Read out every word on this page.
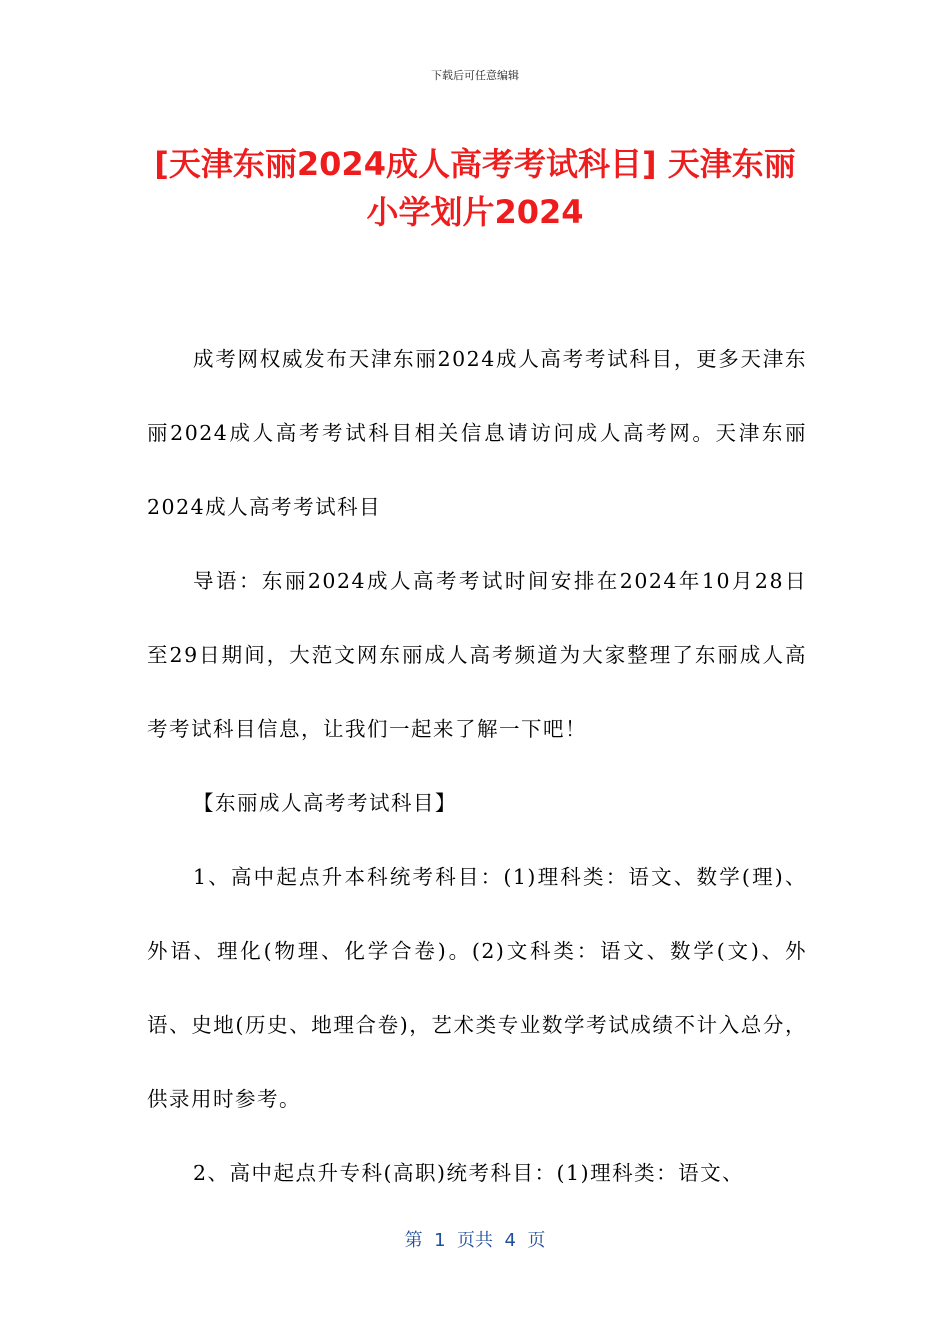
下载后可任意编辑
[天津东丽2024成人高考考试科目] 天津东丽小学划片2024

成考网权威发布天津东丽2024成人高考考试科目，更多天津东丽2024成人高考考试科目相关信息请访问成人高考网。天津东丽2024成人高考考试科目

导语：东丽2024成人高考考试时间安排在2024年10月28日至29日期间，大范文网东丽成人高考频道为大家整理了东丽成人高考考试科目信息，让我们一起来了解一下吧！

【东丽成人高考考试科目】

1、高中起点升本科统考科目：(1)理科类：语文、数学(理)、外语、理化(物理、化学合卷)。(2)文科类：语文、数学(文)、外语、史地(历史、地理合卷)，艺术类专业数学考试成绩不计入总分，供录用时参考。

2、高中起点升专科(高职)统考科目：(1)理科类：语文、

第  1  页共  4  页
